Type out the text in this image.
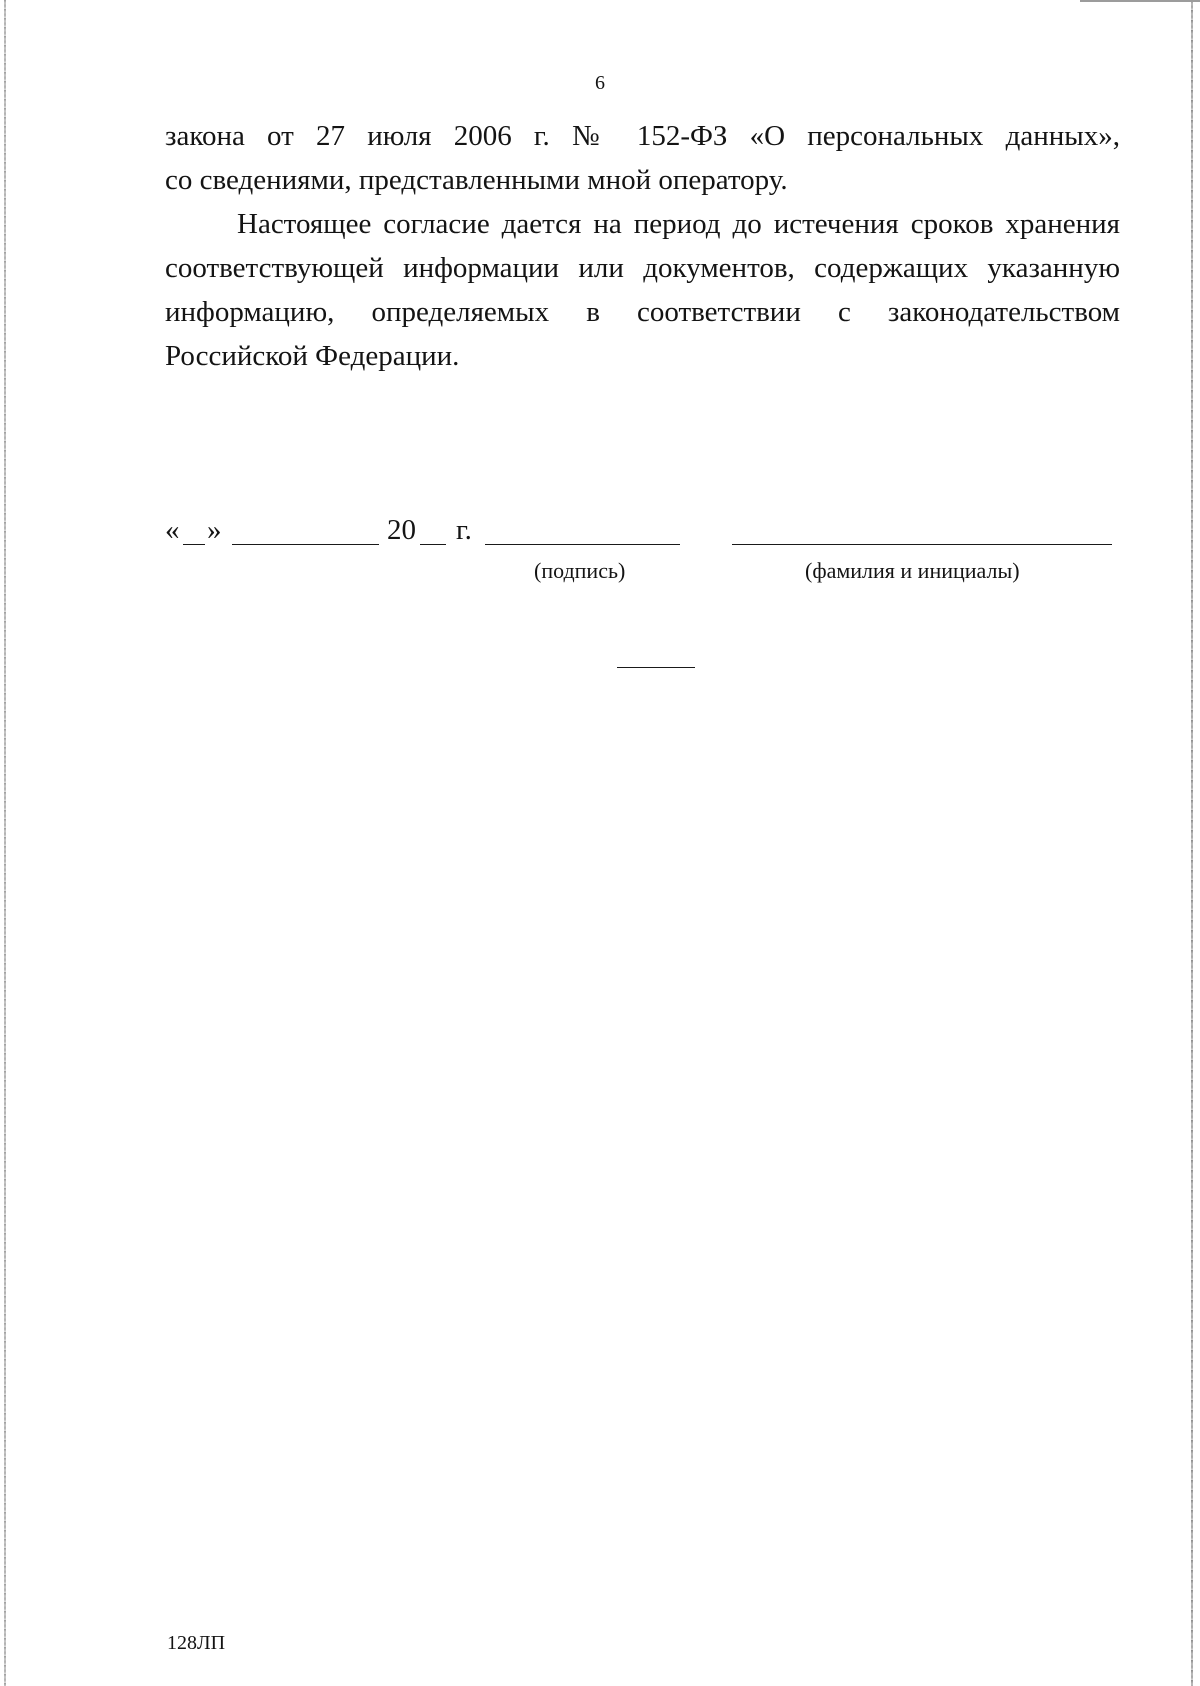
6

закона от 27 июля 2006 г. № 152-ФЗ «О персональных данных»,
со сведениями, представленными мной оператору.

Настоящее согласие дается на период до истечения сроков хранения
соответствующей информации или документов, содержащих указанную
информацию, определяемых в соответствии с законодательством
Российской Федерации.

« »	20 г.
(подпись)	(фамилия и инициалы)
128ЛП
